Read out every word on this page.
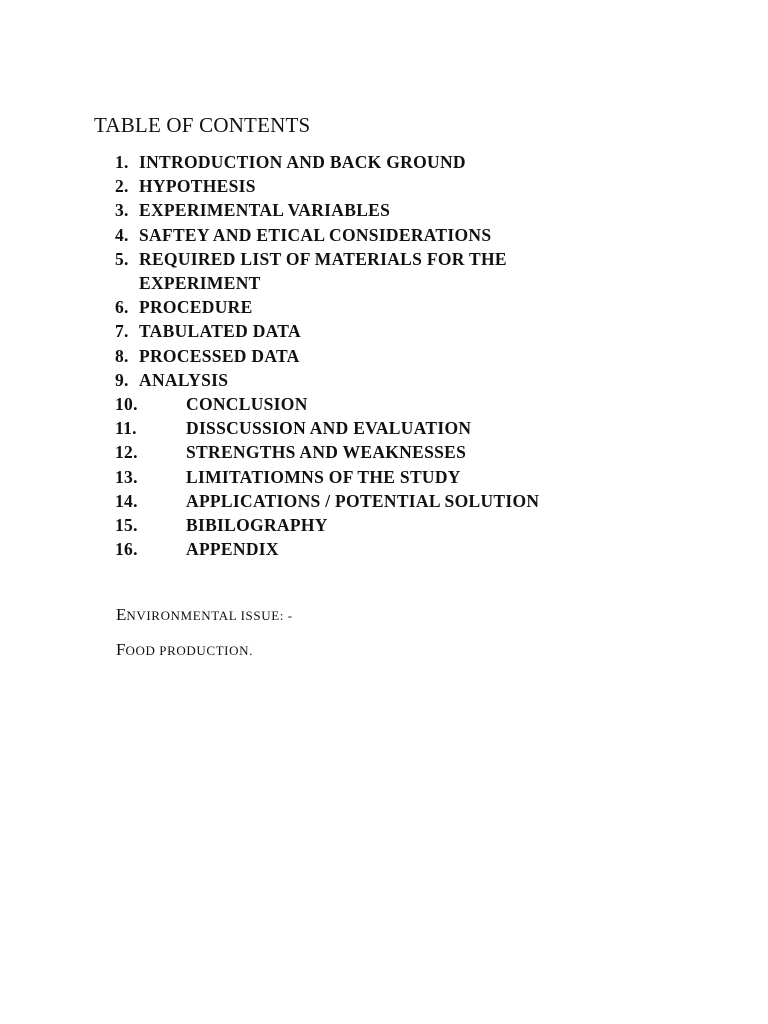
TABLE OF CONTENTS
1. INTRODUCTION AND BACK GROUND
2. HYPOTHESIS
3. EXPERIMENTAL VARIABLES
4. SAFTEY AND ETICAL CONSIDERATIONS
5. REQUIRED LIST OF MATERIALS FOR THE EXPERIMENT
6. PROCEDURE
7. TABULATED DATA
8. PROCESSED DATA
9. ANALYSIS
10.	CONCLUSION
11.	DISSCUSSION AND EVALUATION
12.	STRENGTHS AND WEAKNESSES
13.	LIMITATIOMNS OF THE STUDY
14.	APPLICATIONS / POTENTIAL SOLUTION
15.	BIBILOGRAPHY
16.	APPENDIX

ENVIRONMENTAL ISSUE: -

FOOD PRODUCTION.
